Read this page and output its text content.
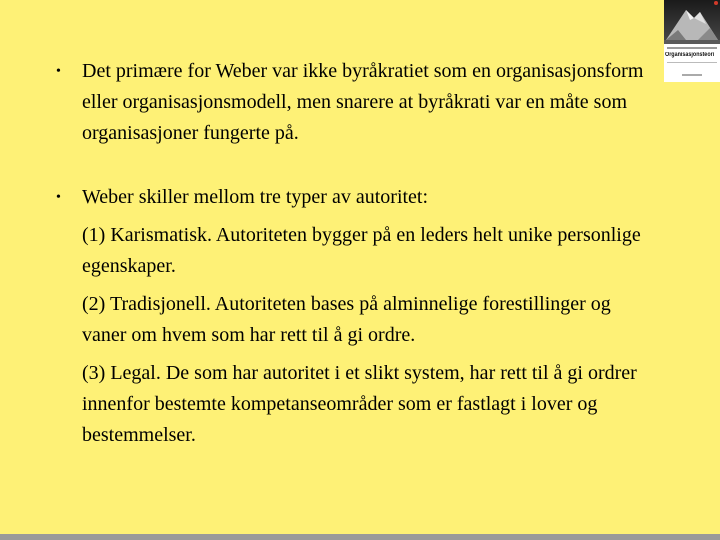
Organisasjonsteori
• Det primære for Weber var ikke byråkratiet som en organisasjonsform eller organisasjonsmodell, men snarere at byråkrati var en måte som organisasjoner fungerte på.
• Weber skiller mellom tre typer av autoritet:
(1) Karismatisk. Autoriteten bygger på en leders helt unike personlige egenskaper.
(2) Tradisjonell. Autoriteten bases på alminnelige forestillinger og vaner om hvem som har rett til å gi ordre.
(3) Legal. De som har autoritet i et slikt system, har rett til å gi ordrer innenfor bestemte kompetanseområder som er fastlagt i lover og bestemmelser.
